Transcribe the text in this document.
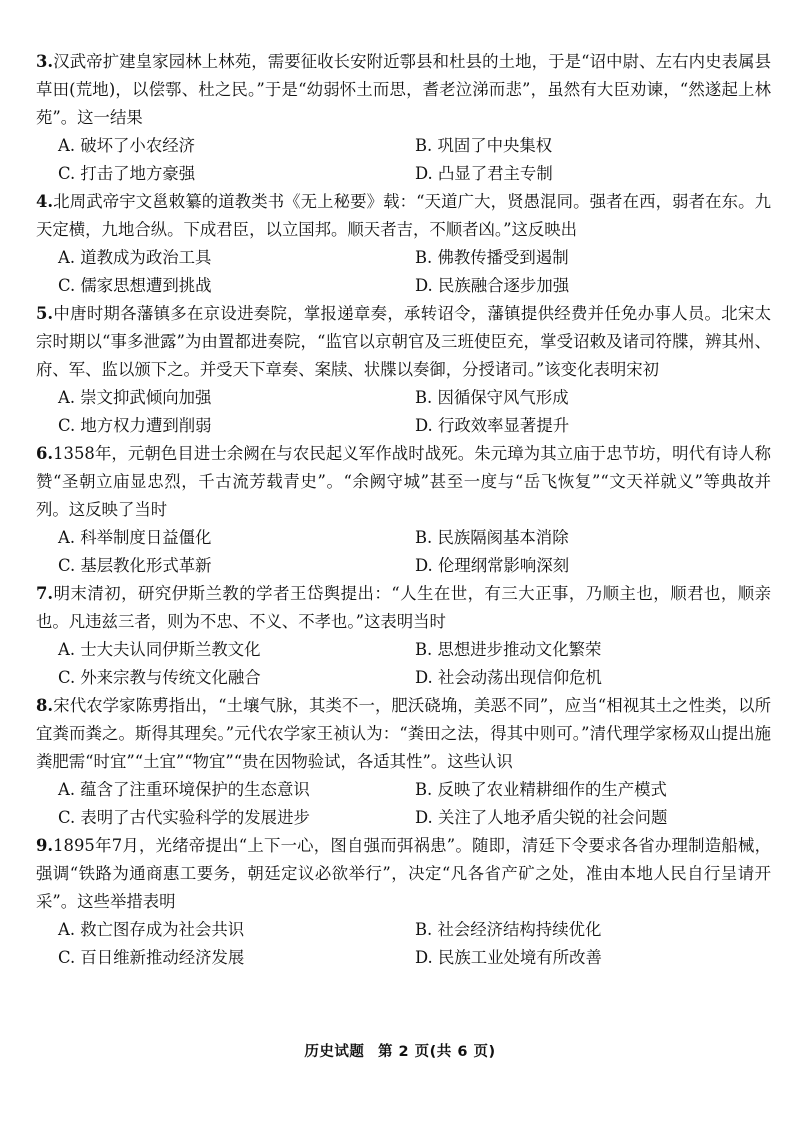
3.汉武帝扩建皇家园林上林苑，需要征收长安附近鄠县和杜县的土地，于是“诏中尉、左右内史表属县草田(荒地)，以偿鄠、杜之民。”于是“幼弱怀土而思，耆老泣涕而悲”，虽然有大臣劝谏，“然遂起上林苑”。这一结果

A. 破坏了小农经济	B. 巩固了中央集权
C. 打击了地方豪强	D. 凸显了君主专制

4.北周武帝宇文邕敕纂的道教类书《无上秘要》载：“天道广大，贤愚混同。强者在西，弱者在东。九天定横，九地合纵。下成君臣，以立国邦。顺天者吉，不顺者凶。”这反映出

A. 道教成为政治工具	B. 佛教传播受到遏制
C. 儒家思想遭到挑战	D. 民族融合逐步加强

5.中唐时期各藩镇多在京设进奏院，掌报递章奏，承转诏令，藩镇提供经费并任免办事人员。北宋太宗时期以“事多泄露”为由置都进奏院，“监官以京朝官及三班使臣充，掌受诏敕及诸司符牒，辨其州、府、军、监以颁下之。并受天下章奏、案牍、状牒以奏御，分授诸司。”该变化表明宋初

A. 崇文抑武倾向加强	B. 因循保守风气形成
C. 地方权力遭到削弱	D. 行政效率显著提升

6.1358年，元朝色目进士余阙在与农民起义军作战时战死。朱元璋为其立庙于忠节坊，明代有诗人称赞“圣朝立庙显忠烈，千古流芳载青史”。“余阙守城”甚至一度与“岳飞恢复”“文天祥就义”等典故并列。这反映了当时

A. 科举制度日益僵化	B. 民族隔阂基本消除
C. 基层教化形式革新	D. 伦理纲常影响深刻

7.明末清初，研究伊斯兰教的学者王岱舆提出：“人生在世，有三大正事，乃顺主也，顺君也，顺亲也。凡违兹三者，则为不忠、不义、不孝也。”这表明当时

A. 士大夫认同伊斯兰教文化	B. 思想进步推动文化繁荣
C. 外来宗教与传统文化融合	D. 社会动荡出现信仰危机

8.宋代农学家陈旉指出，“土壤气脉，其类不一，肥沃硗埆，美恶不同”，应当“相视其土之性类，以所宜粪而粪之。斯得其理矣。”元代农学家王祯认为：“粪田之法，得其中则可。”清代理学家杨双山提出施粪肥需“时宜”“土宜”“物宜”“贵在因物验试，各适其性”。这些认识

A. 蕴含了注重环境保护的生态意识	B. 反映了农业精耕细作的生产模式
C. 表明了古代实验科学的发展进步	D. 关注了人地矛盾尖锐的社会问题

9.1895年7月，光绪帝提出“上下一心，图自强而弭祸患”。随即，清廷下令要求各省办理制造船械，强调“铁路为通商惠工要务，朝廷定议必欲举行”，决定“凡各省产矿之处，准由本地人民自行呈请开采”。这些举措表明

A. 救亡图存成为社会共识	B. 社会经济结构持续优化
C. 百日维新推动经济发展	D. 民族工业处境有所改善
历史试题 第 2 页(共 6 页)
